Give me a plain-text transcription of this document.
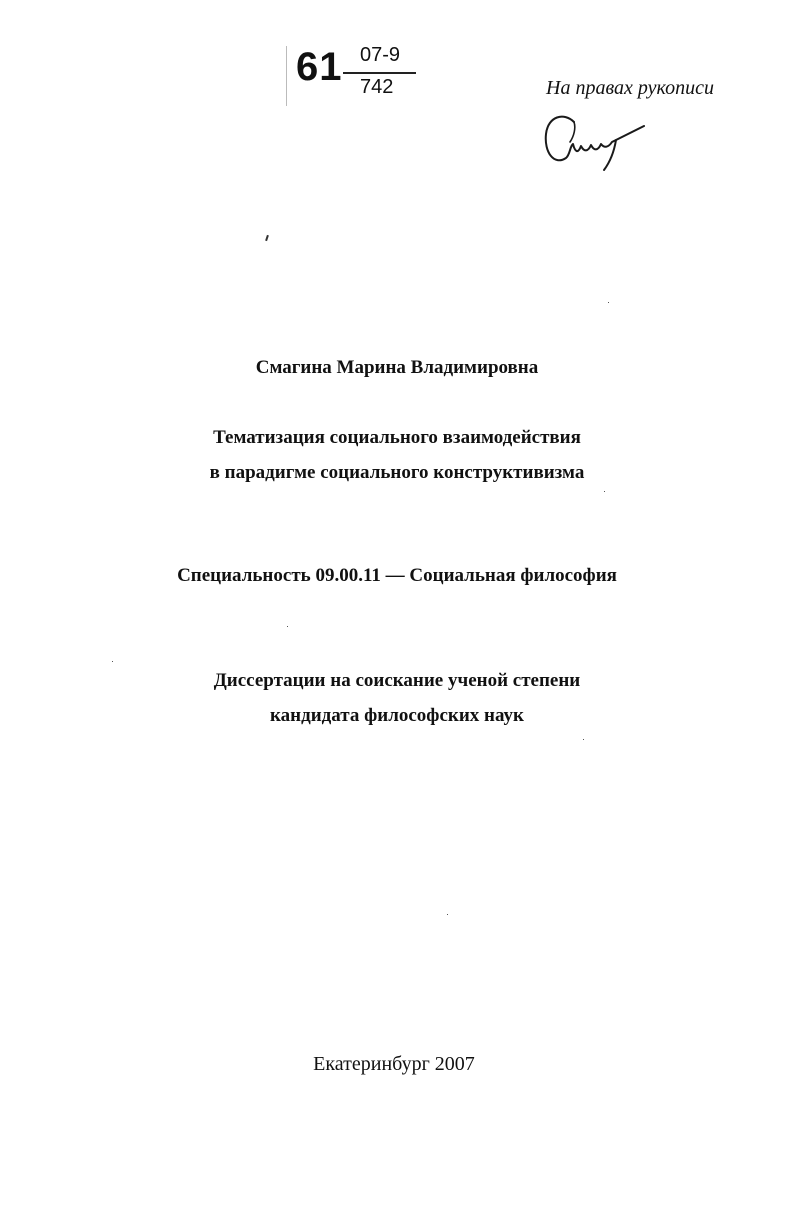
61 07-9
742	На правах рукописи
Смагина Марина Владимировна
Тематизация социального взаимодействия
в парадигме социального конструктивизма
Специальность 09.00.11 — Социальная философия
Диссертации на соискание ученой степени
кандидата философских наук
Екатеринбург 2007
